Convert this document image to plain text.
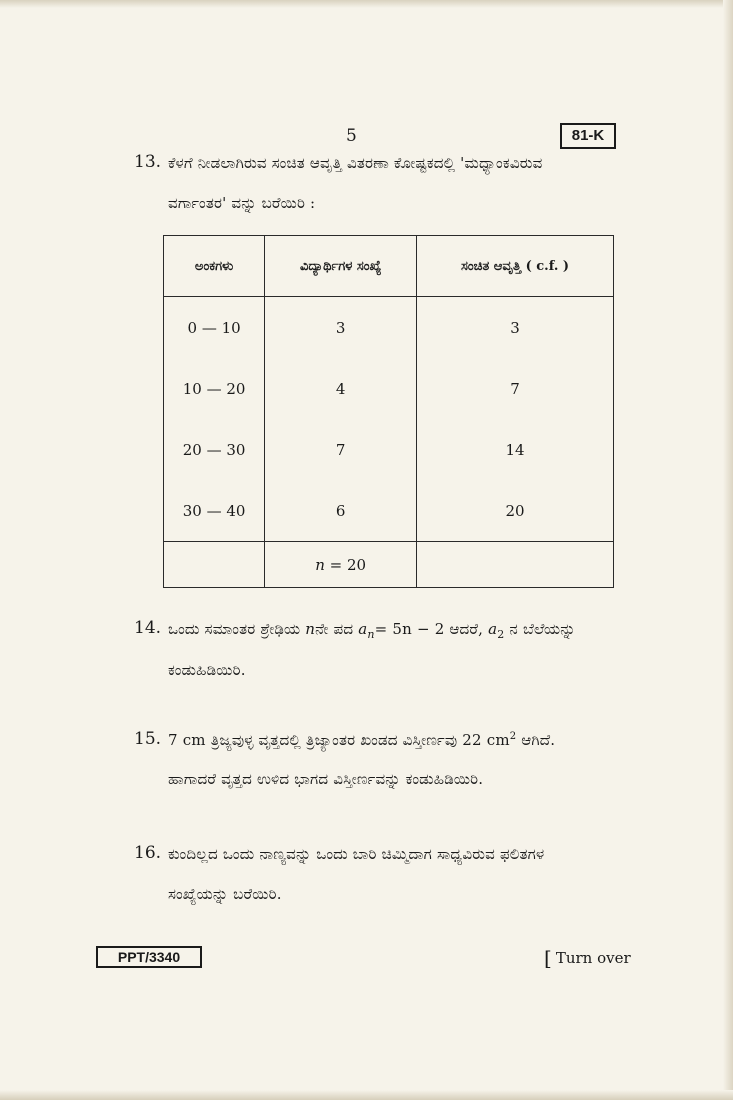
5	81-K
13. ಕೆಳಗೆ ನೀಡಲಾಗಿರುವ ಸಂಚಿತ ಆವೃತ್ತಿ ವಿತರಣಾ ಕೋಷ್ಟಕದಲ್ಲಿ 'ಮಧ್ಯಾಂಕವಿರುವ
ವರ್ಗಾಂತರ' ವನ್ನು ಬರೆಯಿರಿ :
ಅಂಕಗಳು	ವಿದ್ಯಾರ್ಥಿಗಳ ಸಂಖ್ಯೆ	ಸಂಚಿತ ಆವೃತ್ತಿ ( c.f. )
0 — 10	3	3
10 — 20	4	7
20 — 30	7	14
30 — 40	6	20
	n = 20	
14. ಒಂದು ಸಮಾಂತರ ಶ್ರೇಢಿಯ nನೇ ಪದ $a_n= 5n - 2$ ಆದರೆ, $a_2$ ನ ಬೆಲೆಯನ್ನು
ಕಂಡುಹಿಡಿಯಿರಿ.
15. 7 cm ತ್ರಿಜ್ಯವುಳ್ಳ ವೃತ್ತದಲ್ಲಿ ತ್ರಿಜ್ಯಾಂತರ ಖಂಡದ ವಿಸ್ತೀರ್ಣವು 22 $cm^2$ ಆಗಿದೆ.
ಹಾಗಾದರೆ ವೃತ್ತದ ಉಳಿದ ಭಾಗದ ವಿಸ್ತೀರ್ಣವನ್ನು ಕಂಡುಹಿಡಿಯಿರಿ.
16. ಕುಂದಿಲ್ಲದ ಒಂದು ನಾಣ್ಯವನ್ನು ಒಂದು ಬಾರಿ ಚಿಮ್ಮಿದಾಗ ಸಾಧ್ಯವಿರುವ ಫಲಿತಗಳ
ಸಂಖ್ಯೆಯನ್ನು ಬರೆಯಿರಿ.
PPT/3340	[ Turn over
